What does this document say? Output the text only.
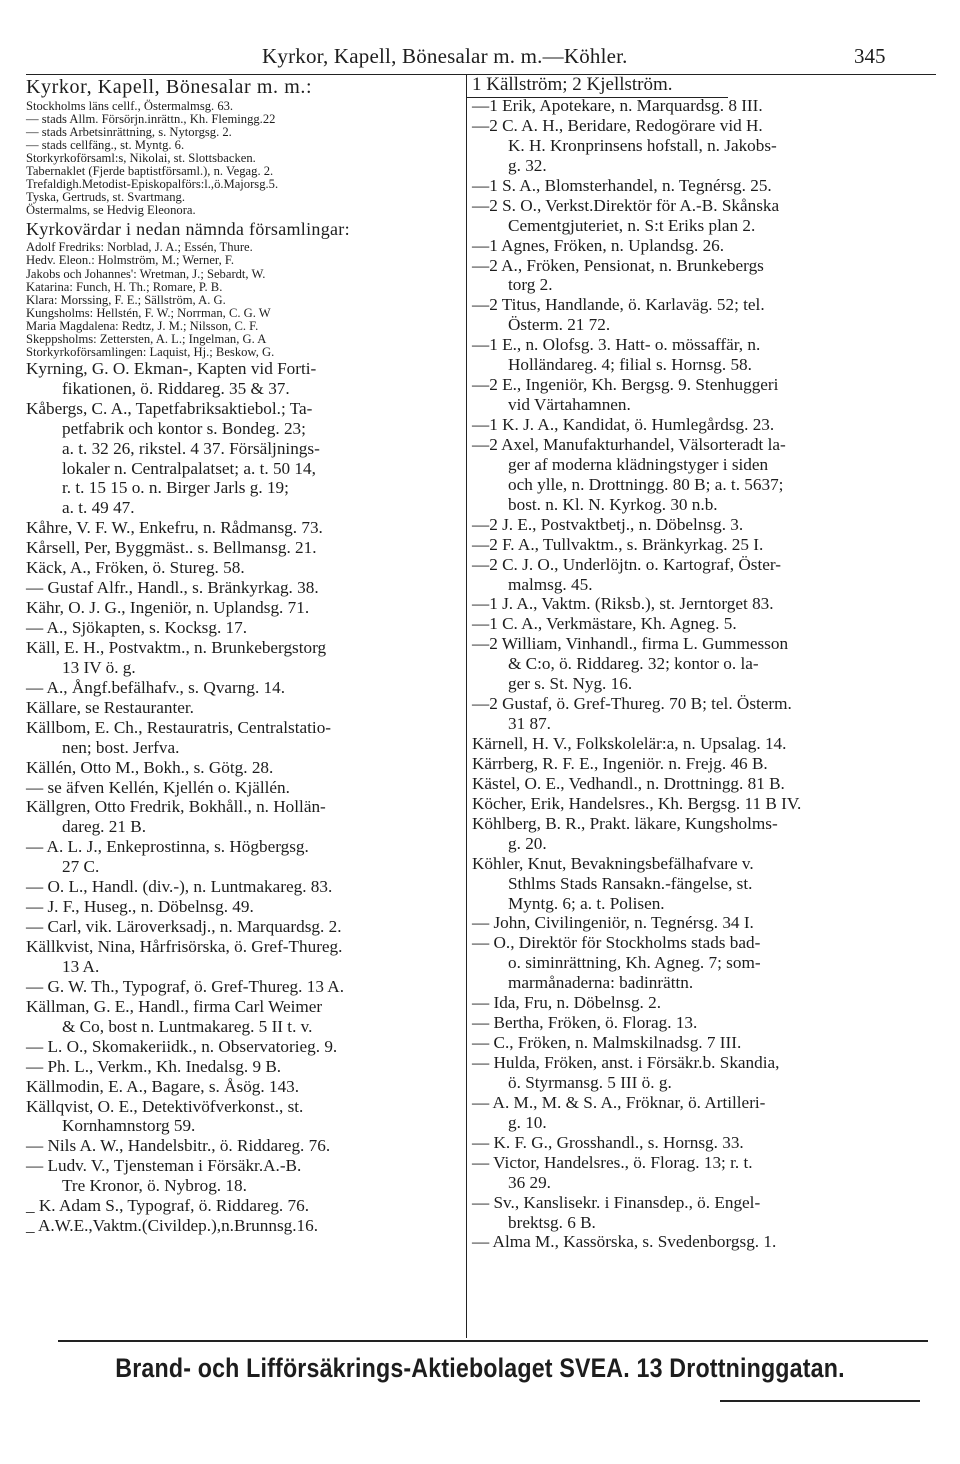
Kyrkor, Kapell, Bönesalar m. m.—Köhler.	345
Kyrkor, Kapell, Bönesalar m. m.:
Stockholms läns cellf., Östermalmsg. 63.
— stads Allm. Försörjn.inrättn., Kh. Flemingg.22
— stads Arbetsinrättning, s. Nytorgsg. 2.
— stads cellfäng., st. Myntg. 6.
Storkyrkoförsaml:s, Nikolai, st. Slottsbacken.
Tabernaklet (Fjerde baptistförsaml.), n. Vegag. 2.
Trefaldigh.Metodist-Episkopalförs:l.,ö.Majorsg.5.
Tyska, Gertruds, st. Svartmang.
Östermalms, se Hedvig Eleonora.
Kyrkovärdar i nedan nämnda församlingar:
Adolf Fredriks: Norblad, J. A.; Essén, Thure.
Hedv. Eleon.: Holmström, M.; Werner, F.
Jakobs och Johannes': Wretman, J.; Sebardt, W.
Katarina: Funch, H. Th.; Romare, P. B.
Klara: Morssing, F. E.; Sällström, A. G.
Kungsholms: Hellstén, F. W.; Norrman, C. G. W
Maria Magdalena: Redtz, J. M.; Nilsson, C. F.
Skeppsholms: Zettersten, A. L.; Ingelman, G. A
Storkyrkoförsamlingen: Laquist, Hj.; Beskow, G.
Kyrning, G. O. Ekman-, Kapten vid Forti-
fikationen, ö. Riddareg. 35 & 37.
Kåbergs, C. A., Tapetfabriksaktiebol.; Ta-
petfabrik och kontor s. Bondeg. 23;
a. t. 32 26, rikstel. 4 37. Försäljnings-
lokaler n. Centralpalatset; a. t. 50 14,
r. t. 15 15 o. n. Birger Jarls g. 19;
a. t. 49 47.
Kåhre, V. F. W., Enkefru, n. Rådmansg. 73.
Kårsell, Per, Byggmäst.. s. Bellmansg. 21.
Käck, A., Fröken, ö. Stureg. 58.
— Gustaf Alfr., Handl., s. Bränkyrkag. 38.
Kähr, O. J. G., Ingeniör, n. Uplandsg. 71.
— A., Sjökapten, s. Kocksg. 17.
Käll, E. H., Postvaktm., n. Brunkebergstorg
13 IV ö. g.
— A., Ångf.befälhafv., s. Qvarng. 14.
Källare, se Restauranter.
Källbom, E. Ch., Restauratris, Centralstatio-
nen; bost. Jerfva.
Källén, Otto M., Bokh., s. Götg. 28.
— se äfven Kellén, Kjellén o. Kjällén.
Källgren, Otto Fredrik, Bokhåll., n. Hollän-
dareg. 21 B.
— A. L. J., Enkeprostinna, s. Högbergsg.
27 C.
— O. L., Handl. (div.-), n. Luntmakareg. 83.
— J. F., Huseg., n. Döbelnsg. 49.
— Carl, vik. Läroverksadj., n. Marquardsg. 2.
Källkvist, Nina, Hårfrisörska, ö. Gref-Thureg.
13 A.
— G. W. Th., Typograf, ö. Gref-Thureg. 13 A.
Källman, G. E., Handl., firma Carl Weimer
& Co, bost n. Luntmakareg. 5 II t. v.
— L. O., Skomakeriidk., n. Observatorieg. 9.
— Ph. L., Verkm., Kh. Inedalsg. 9 B.
Källmodin, E. A., Bagare, s. Åsög. 143.
Källqvist, O. E., Detektivöfverkonst., st.
Kornhamnstorg 59.
— Nils A. W., Handelsbitr., ö. Riddareg. 76.
— Ludv. V., Tjensteman i Försäkr.A.-B.
Tre Kronor, ö. Nybrog. 18.
_ K. Adam S., Typograf, ö. Riddareg. 76.
_ A.W.E.,Vaktm.(Civildep.),n.Brunnsg.16.
1 Källström; 2 Kjellström.
—1 Erik, Apotekare, n. Marquardsg. 8 III.
—2 C. A. H., Beridare, Redogörare vid H.
K. H. Kronprinsens hofstall, n. Jakobs-
g. 32.
—1 S. A., Blomsterhandel, n. Tegnérsg. 25.
—2 S. O., Verkst.Direktör för A.-B. Skånska
Cementgjuteriet, n. S:t Eriks plan 2.
—1 Agnes, Fröken, n. Uplandsg. 26.
—2 A., Fröken, Pensionat, n. Brunkebergs
torg 2.
—2 Titus, Handlande, ö. Karlaväg. 52; tel.
Österm. 21 72.
—1 E., n. Olofsg. 3. Hatt- o. mössaffär, n.
Holländareg. 4; filial s. Hornsg. 58.
—2 E., Ingeniör, Kh. Bergsg. 9. Stenhuggeri
vid Värtahamnen.
—1 K. J. A., Kandidat, ö. Humlegårdsg. 23.
—2 Axel, Manufakturhandel, Välsorteradt la-
ger af moderna klädningstyger i siden
och ylle, n. Drottningg. 80 B; a. t. 5637;
bost. n. Kl. N. Kyrkog. 30 n.b.
—2 J. E., Postvaktbetj., n. Döbelnsg. 3.
—2 F. A., Tullvaktm., s. Bränkyrkag. 25 I.
—2 C. J. O., Underlöjtn. o. Kartograf, Öster-
malmsg. 45.
—1 J. A., Vaktm. (Riksb.), st. Jerntorget 83.
—1 C. A., Verkmästare, Kh. Agneg. 5.
—2 William, Vinhandl., firma L. Gummesson
& C:o, ö. Riddareg. 32; kontor o. la-
ger s. St. Nyg. 16.
—2 Gustaf, ö. Gref-Thureg. 70 B; tel. Österm.
31 87.
Kärnell, H. V., Folkskolelär:a, n. Upsalag. 14.
Kärrberg, R. F. E., Ingeniör. n. Frejg. 46 B.
Kästel, O. E., Vedhandl., n. Drottningg. 81 B.
Köcher, Erik, Handelsres., Kh. Bergsg. 11 B IV.
Köhlberg, B. R., Prakt. läkare, Kungsholms-
g. 20.
Köhler, Knut, Bevakningsbefälhafvare v.
Sthlms Stads Ransakn.-fängelse, st.
Myntg. 6; a. t. Polisen.
— John, Civilingeniör, n. Tegnérsg. 34 I.
— O., Direktör för Stockholms stads bad-
o. siminrättning, Kh. Agneg. 7; som-
marmånaderna: badinrättn.
— Ida, Fru, n. Döbelnsg. 2.
— Bertha, Fröken, ö. Florag. 13.
— C., Fröken, n. Malmskilnadsg. 7 III.
— Hulda, Fröken, anst. i Försäkr.b. Skandia,
ö. Styrmansg. 5 III ö. g.
— A. M., M. & S. A., Fröknar, ö. Artilleri-
g. 10.
— K. F. G., Grosshandl., s. Hornsg. 33.
— Victor, Handelsres., ö. Florag. 13; r. t.
36 29.
— Sv., Kanslisekr. i Finansdep., ö. Engel-
brektsg. 6 B.
— Alma M., Kassörska, s. Svedenborgsg. 1.
Brand- och Lifförsäkrings-Aktiebolaget SVEA. 13 Drottninggatan.
